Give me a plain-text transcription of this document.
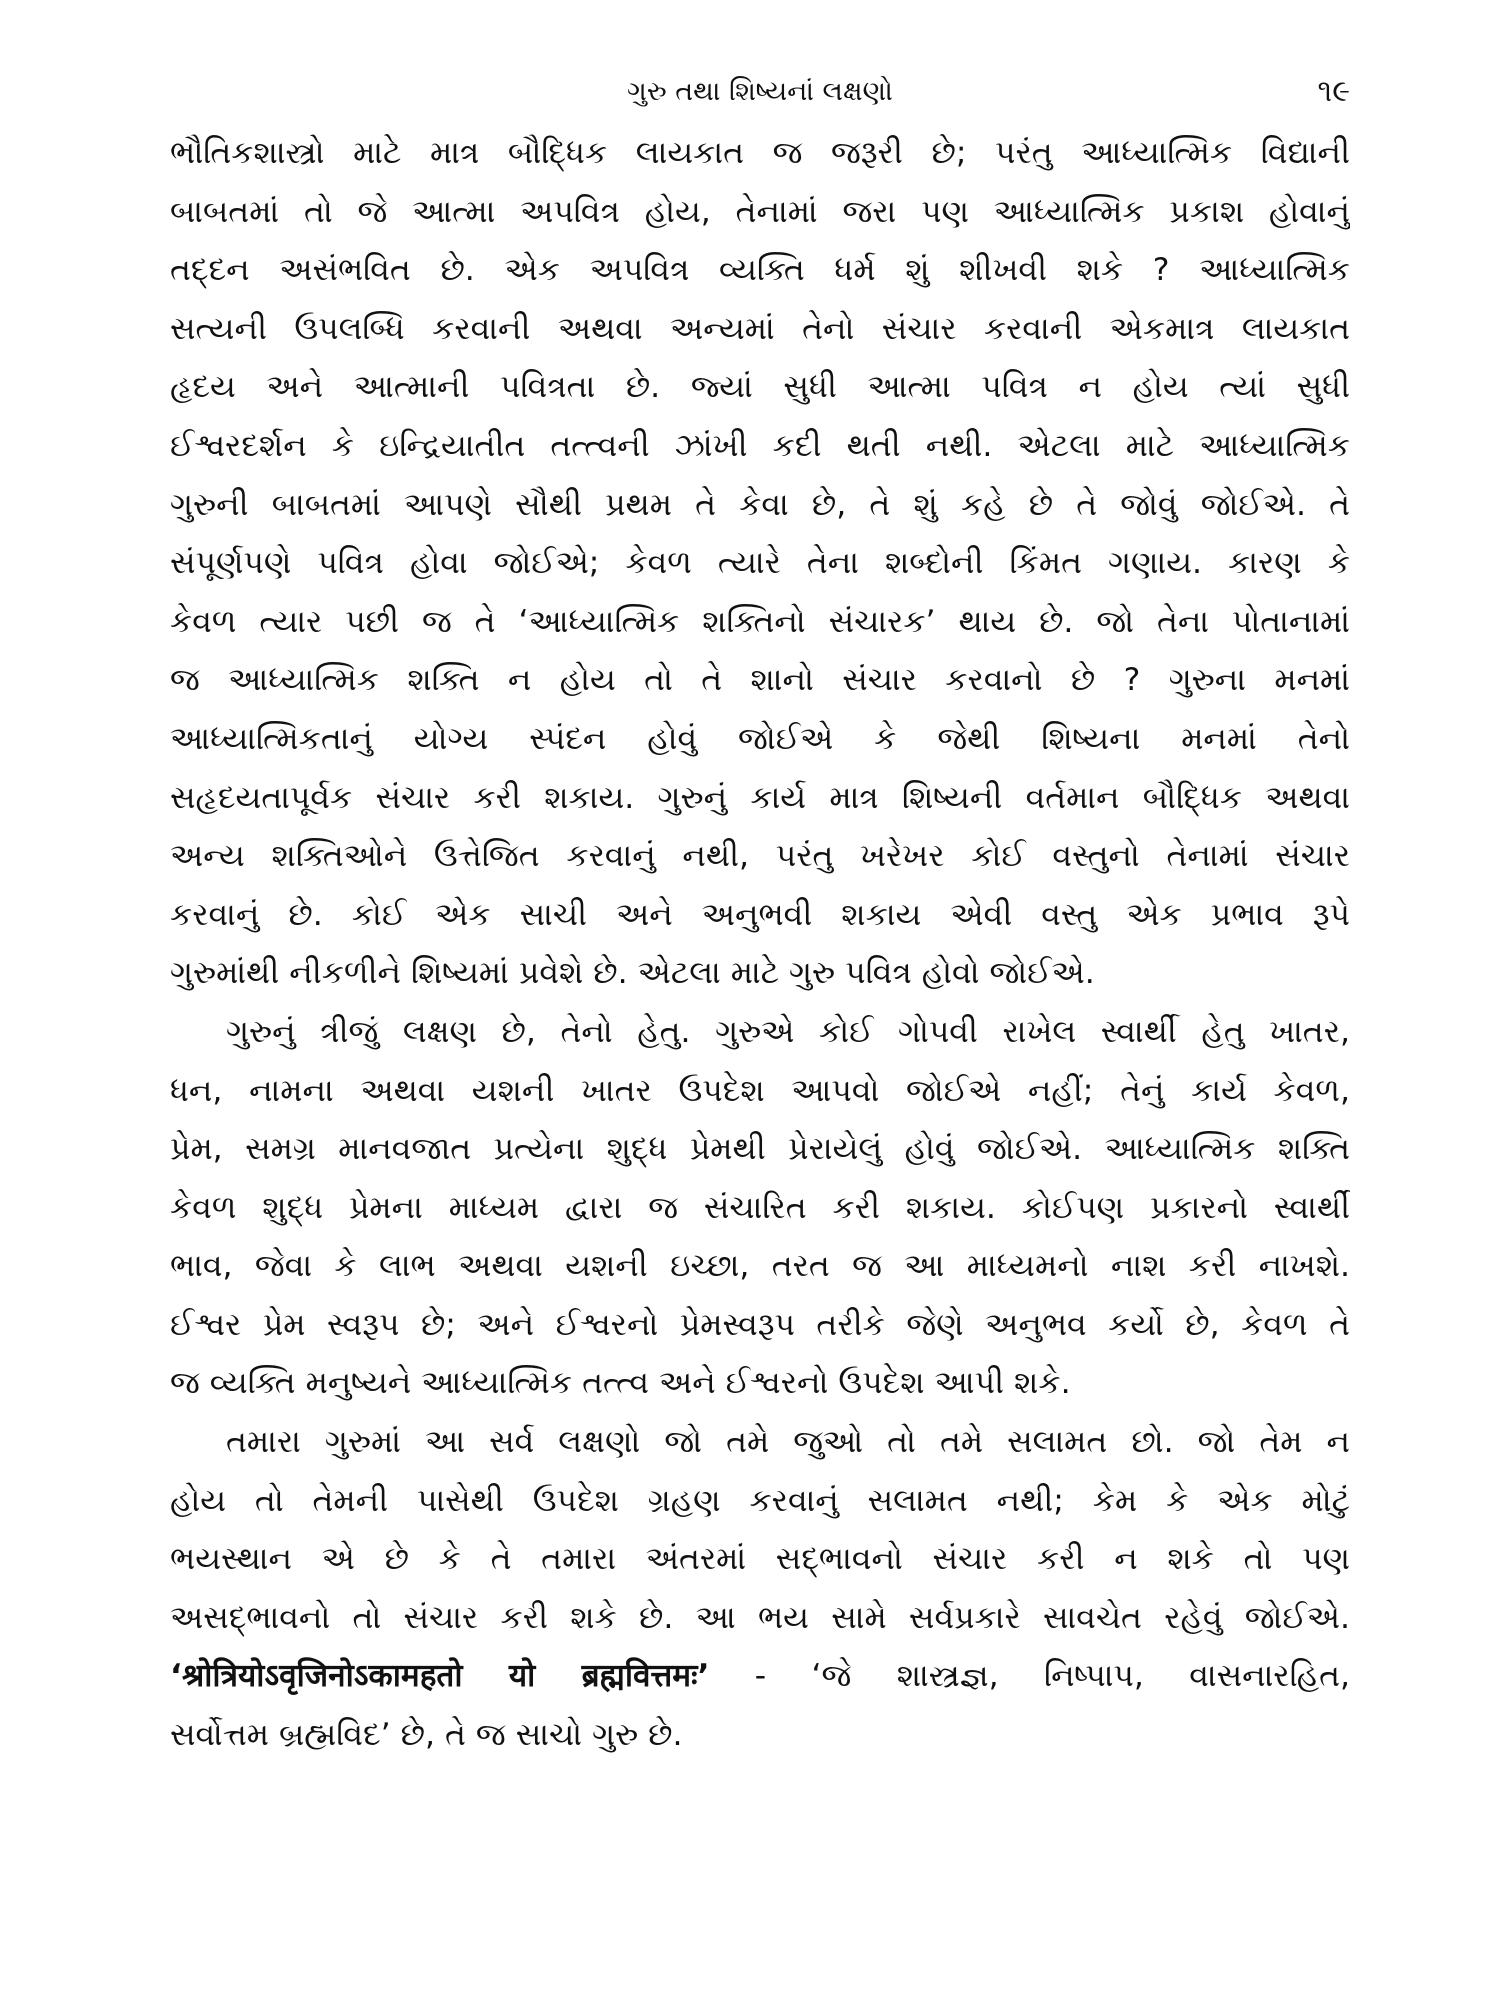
ગુરુ તથા શિષ્યનાં લક્ષણો	૧૯
ભૌતિકશાસ્ત્રો માટે માત્ર બૌદ્ધિક લાયકાત જ જરૂરી છે; પરંતુ આધ્યાત્મિક વિદ્યાની
બાબતમાં તો જે આત્મા અપવિત્ર હોય, તેનામાં જરા પણ આધ્યાત્મિક પ્રકાશ હોવાનું
તદ્દન અસંભવિત છે. એક અપવિત્ર વ્યક્તિ ધર્મ શું શીખવી શકે ? આધ્યાત્મિક
સત્યની ઉપલબ્ધિ કરવાની અથવા અન્યમાં તેનો સંચાર કરવાની એકમાત્ર લાયકાત
હૃદય અને આત્માની પવિત્રતા છે. જ્યાં સુધી આત્મા પવિત્ર ન હોય ત્યાં સુધી
ઈશ્વરદર્શન કે ઇન્દ્રિયાતીત તત્ત્વની ઝાંખી કદી થતી નથી. એટલા માટે આધ્યાત્મિક
ગુરુની બાબતમાં આપણે સૌથી પ્રથમ તે કેવા છે, તે શું કહે છે તે જોવું જોઈએ. તે
સંપૂર્ણપણે પવિત્ર હોવા જોઈએ; કેવળ ત્યારે તેના શબ્દોની કિંમત ગણાય. કારણ કે
કેવળ ત્યાર પછી જ તે ‘આધ્યાત્મિક શક્તિનો સંચારક’ થાય છે. જો તેના પોતાનામાં
જ આધ્યાત્મિક શક્તિ ન હોય તો તે શાનો સંચાર કરવાનો છે ? ગુરુના મનમાં
આધ્યાત્મિકતાનું યોગ્ય સ્પંદન હોવું જોઈએ કે જેથી શિષ્યના મનમાં તેનો
સહૃદયતાપૂર્વક સંચાર કરી શકાય. ગુરુનું કાર્ય માત્ર શિષ્યની વર્તમાન બૌદ્ધિક અથવા
અન્ય શક્તિઓને ઉત્તેજિત કરવાનું નથી, પરંતુ ખરેખર કોઈ વસ્તુનો તેનામાં સંચાર
કરવાનું છે. કોઈ એક સાચી અને અનુભવી શકાય એવી વસ્તુ એક પ્રભાવ રૂપે
ગુરુમાંથી નીકળીને શિષ્યમાં પ્રવેશે છે. એટલા માટે ગુરુ પવિત્ર હોવો જોઈએ.
ગુરુનું ત્રીજું લક્ષણ છે, તેનો હેતુ. ગુરુએ કોઈ ગોપવી રાખેલ સ્વાર્થી હેતુ ખાતર,
ધન, નામના અથવા યશની ખાતર ઉપદેશ આપવો જોઈએ નહીં; તેનું કાર્ય કેવળ,
પ્રેમ, સમગ્ર માનવજાત પ્રત્યેના શુદ્ધ પ્રેમથી પ્રેરાયેલું હોવું જોઈએ. આધ્યાત્મિક શક્તિ
કેવળ શુદ્ધ પ્રેમના માધ્યમ દ્વારા જ સંચારિત કરી શકાય. કોઈપણ પ્રકારનો સ્વાર્થી
ભાવ, જેવા કે લાભ અથવા યશની ઇચ્છા, તરત જ આ માધ્યમનો નાશ કરી નાખશે.
ઈશ્વર પ્રેમ સ્વરૂપ છે; અને ઈશ્વરનો પ્રેમસ્વરૂપ તરીકે જેણે અનુભવ કર્યો છે, કેવળ તે
જ વ્યક્તિ મનુષ્યને આધ્યાત્મિક તત્ત્વ અને ઈશ્વરનો ઉપદેશ આપી શકે.
તમારા ગુરુમાં આ સર્વ લક્ષણો જો તમે જુઓ તો તમે સલામત છો. જો તેમ ન
હોય તો તેમની પાસેથી ઉપદેશ ગ્રહણ કરવાનું સલામત નથી; કેમ કે એક મોટું
ભયસ્થાન એ છે કે તે તમારા અંતરમાં સદ્ભાવનો સંચાર કરી ન શકે તો પણ
અસદ્ભાવનો તો સંચાર કરી શકે છે. આ ભય સામે સર્વપ્રકારે સાવચેત રહેવું જોઈએ.
‘श्रोत्रियोऽवृजिनोऽकामहतो यो ब्रह्मवित्तमः’ - ‘જે શાસ્ત્રજ્ઞ, નિષ્પાપ, વાસનારહિત,
સર્વોત્તમ બ્રહ્મવિદ’ છે, તે જ સાચો ગુરુ છે.
